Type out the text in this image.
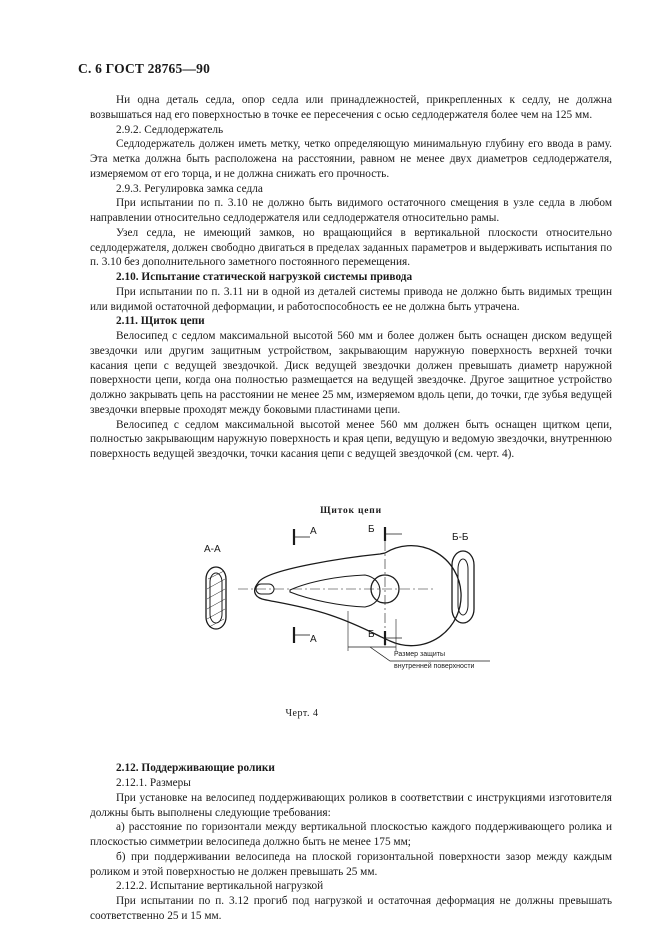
С. 6 ГОСТ 28765—90

Ни одна деталь седла, опор седла или принадлежностей, прикрепленных к седлу, не должна возвышаться над его поверхностью в точке ее пересечения с осью седлодержателя более чем на 125 мм.

2.9.2. Седлодержатель

Седлодержатель должен иметь метку, четко определяющую минимальную глубину его ввода в раму. Эта метка должна быть расположена на расстоянии, равном не менее двух диаметров седлодержателя, измеряемом от его торца, и не должна снижать его прочность.

2.9.3. Регулировка замка седла

При испытании по п. 3.10 не должно быть видимого остаточного смещения в узле седла в любом направлении относительно седлодержателя или седлодержателя относительно рамы.

Узел седла, не имеющий замков, но вращающийся в вертикальной плоскости относительно седлодержателя, должен свободно двигаться в пределах заданных параметров и выдерживать испытания по п. 3.10 без дополнительного заметного постоянного перемещения.

2.10. Испытание статической нагрузкой системы привода

При испытании по п. 3.11 ни в одной из деталей системы привода не должно быть видимых трещин или видимой остаточной деформации, и работоспособность ее не должна быть утрачена.

2.11. Щиток цепи

Велосипед с седлом максимальной высотой 560 мм и более должен быть оснащен диском ведущей звездочки или другим защитным устройством, закрывающим наружную поверхность верхней точки касания цепи с ведущей звездочкой. Диск ведущей звездочки должен превышать диаметр наружной поверхности цепи, когда она полностью размещается на ведущей звездочке. Другое защитное устройство должно закрывать цепь на расстоянии не менее 25 мм, измеряемом вдоль цепи, до точки, где зубья ведущей звездочки впервые проходят между боковыми пластинами цепи.

Велосипед с седлом максимальной высотой менее 560 мм должен быть оснащен щитком цепи, полностью закрывающим наружную поверхность и края цепи, ведущую и ведомую звездочки, внутреннюю поверхность ведущей звездочки, точки касания цепи с ведущей звездочкой (см. черт. 4).

Щиток цепи

А-А
А
А
Б
Б
Б-Б
Размер защиты
внутренней поверхности

Черт. 4

2.12. Поддерживающие ролики

2.12.1. Размеры

При установке на велосипед поддерживающих роликов в соответствии с инструкциями изготовителя должны быть выполнены следующие требования:

а) расстояние по горизонтали между вертикальной плоскостью каждого поддерживающего ролика и плоскостью симметрии велосипеда должно быть не менее 175 мм;

б) при поддерживании велосипеда на плоской горизонтальной поверхности зазор между каждым роликом и этой поверхностью не должен превышать 25 мм.

2.12.2. Испытание вертикальной нагрузкой

При испытании по п. 3.12 прогиб под нагрузкой и остаточная деформация не должны превышать соответственно 25 и 15 мм.
